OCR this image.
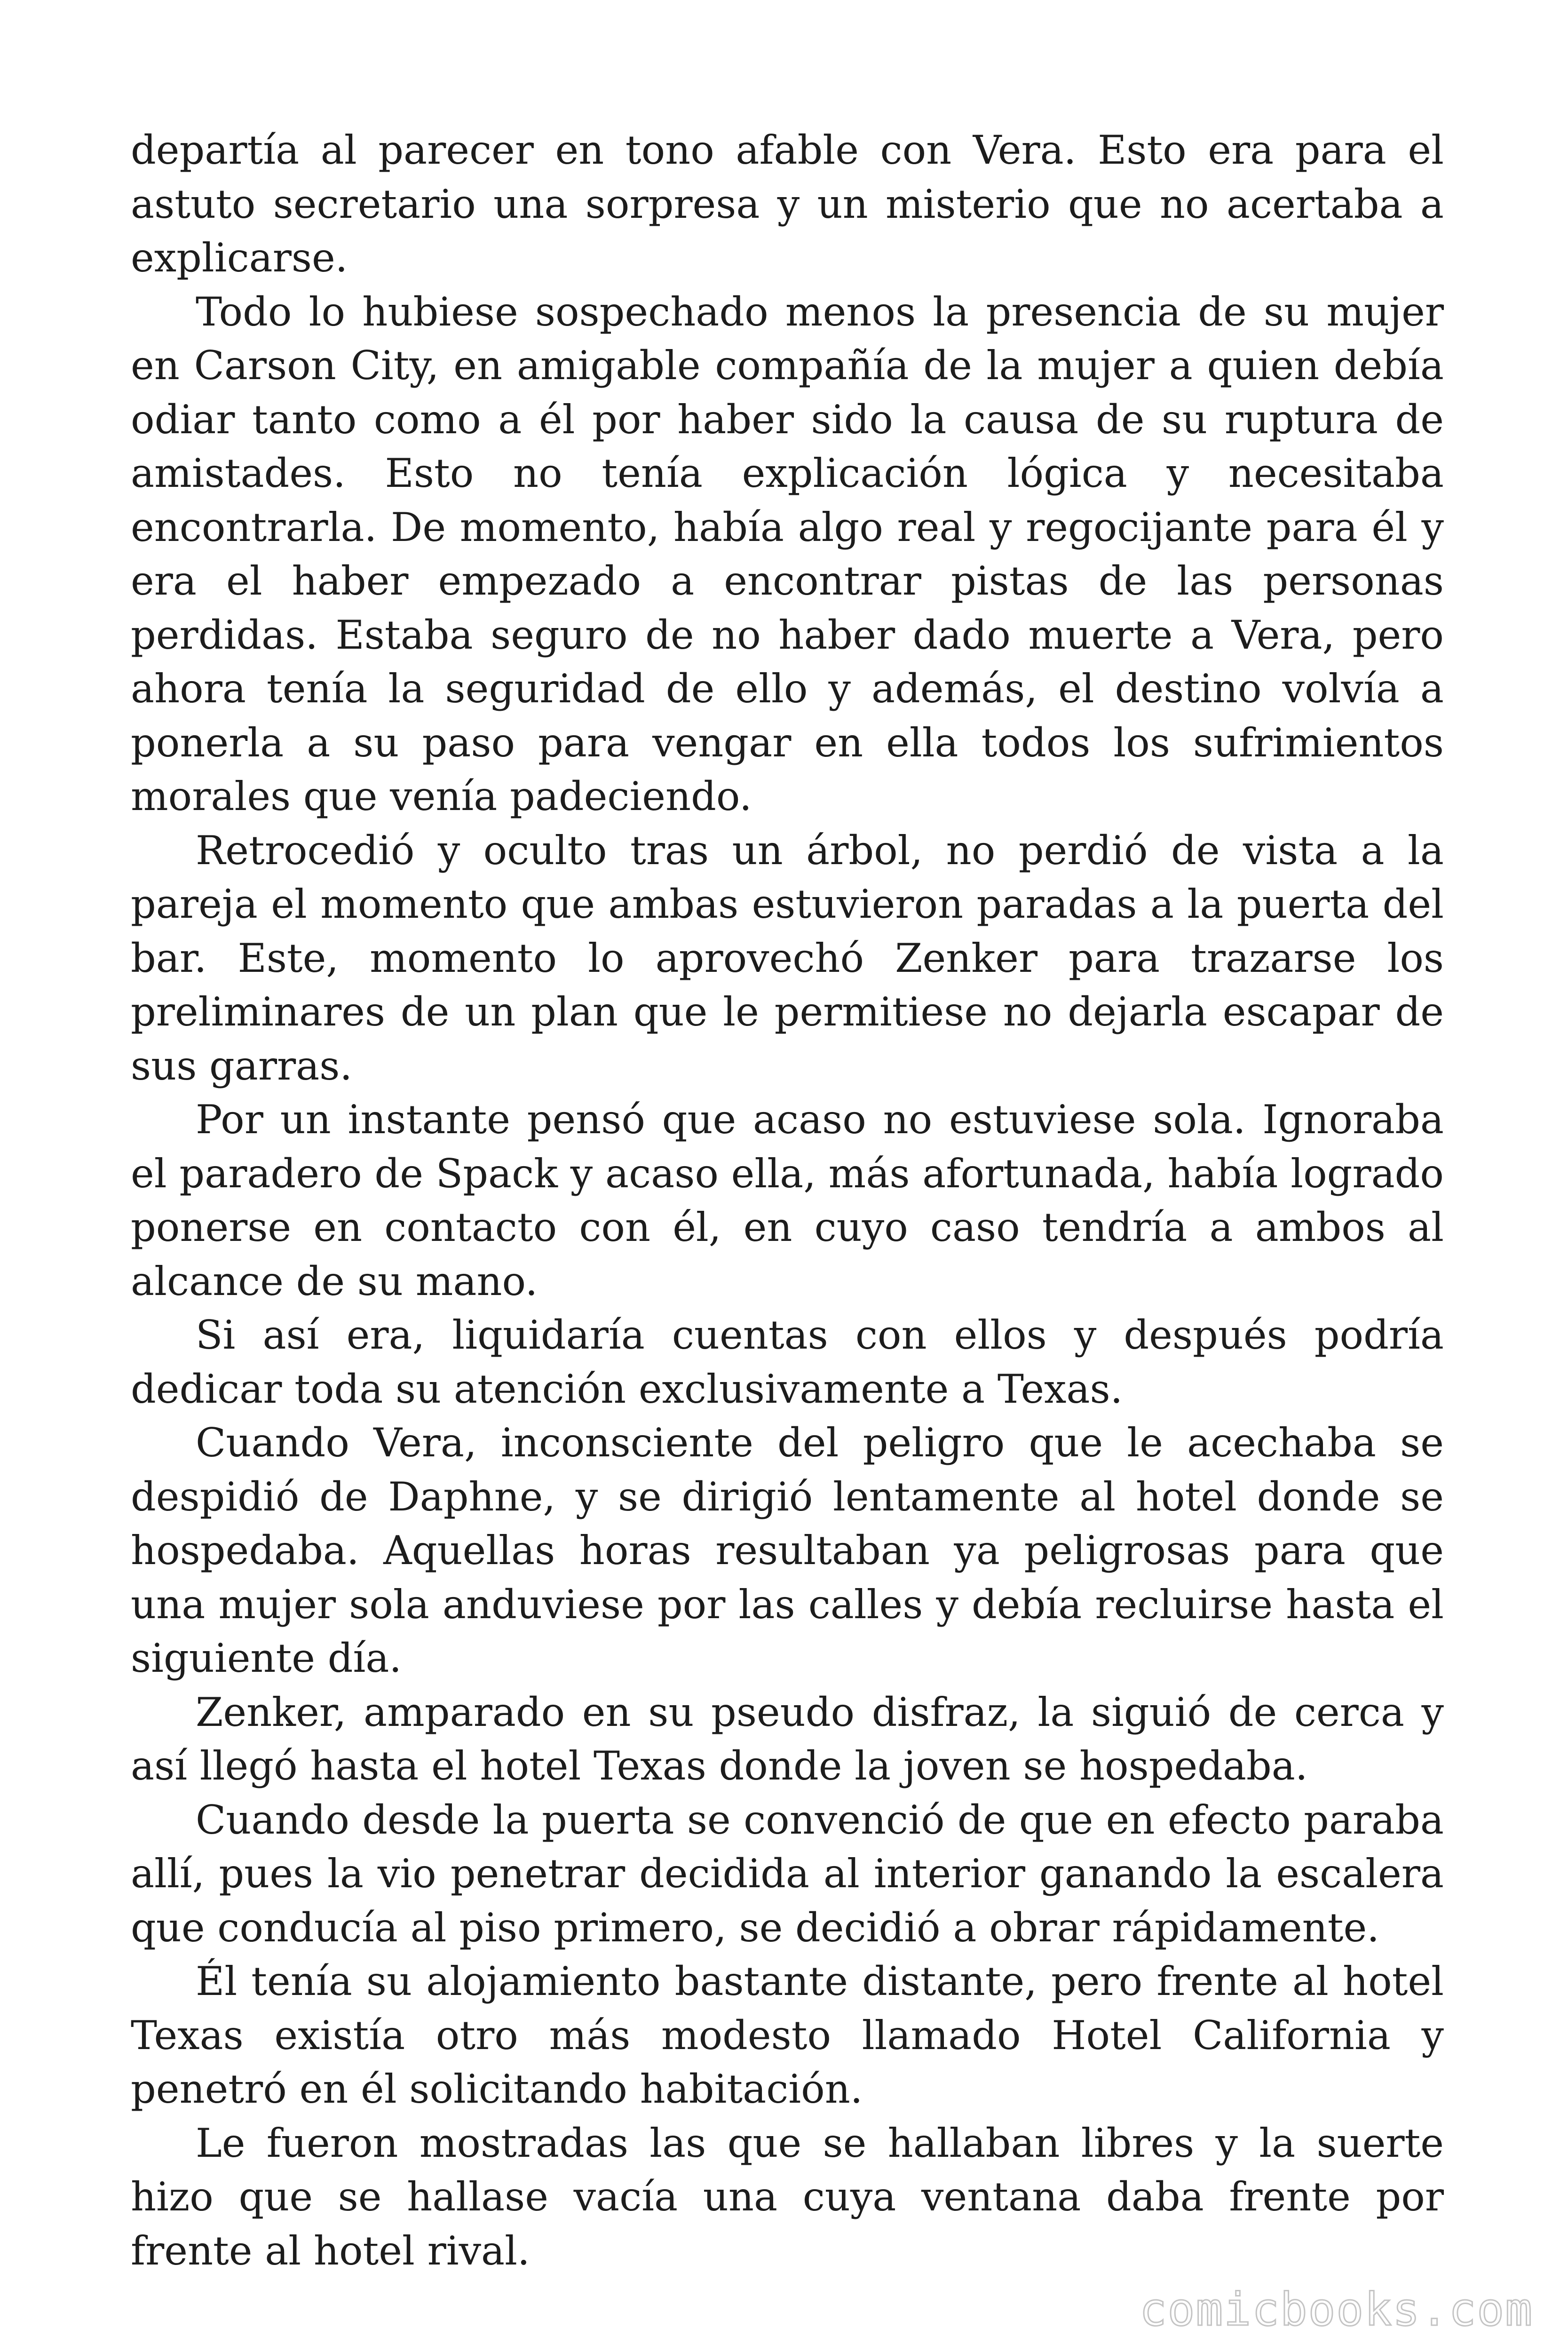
departía al parecer en tono afable con Vera. Esto era para el astuto secretario una sorpresa y un misterio que no acertaba a explicarse.

Todo lo hubiese sospechado menos la presencia de su mujer en Carson City, en amigable compañía de la mujer a quien debía odiar tanto como a él por haber sido la causa de su ruptura de amistades. Esto no tenía explicación lógica y necesitaba encontrarla. De momento, había algo real y regocijante para él y era el haber empezado a encontrar pistas de las personas perdidas. Estaba seguro de no haber dado muerte a Vera, pero ahora tenía la seguridad de ello y además, el destino volvía a ponerla a su paso para vengar en ella todos los sufrimientos morales que venía padeciendo.

Retrocedió y oculto tras un árbol, no perdió de vista a la pareja el momento que ambas estuvieron paradas a la puerta del bar. Este, momento lo aprovechó Zenker para trazarse los preliminares de un plan que le permitiese no dejarla escapar de sus garras.

Por un instante pensó que acaso no estuviese sola. Ignoraba el paradero de Spack y acaso ella, más afortunada, había logrado ponerse en contacto con él, en cuyo caso tendría a ambos al alcance de su mano.

Si así era, liquidaría cuentas con ellos y después podría dedicar toda su atención exclusivamente a Texas.

Cuando Vera, inconsciente del peligro que le acechaba se despidió de Daphne, y se dirigió lentamente al hotel donde se hospedaba. Aquellas horas resultaban ya peligrosas para que una mujer sola anduviese por las calles y debía recluirse hasta el siguiente día.

Zenker, amparado en su pseudo disfraz, la siguió de cerca y así llegó hasta el hotel Texas donde la joven se hospedaba.

Cuando desde la puerta se convenció de que en efecto paraba allí, pues la vio penetrar decidida al interior ganando la escalera que conducía al piso primero, se decidió a obrar rápidamente.

Él tenía su alojamiento bastante distante, pero frente al hotel Texas existía otro más modesto llamado Hotel California y penetró en él solicitando habitación.

Le fueron mostradas las que se hallaban libres y la suerte hizo que se hallase vacía una cuya ventana daba frente por frente al hotel rival.

comicbooks.com
